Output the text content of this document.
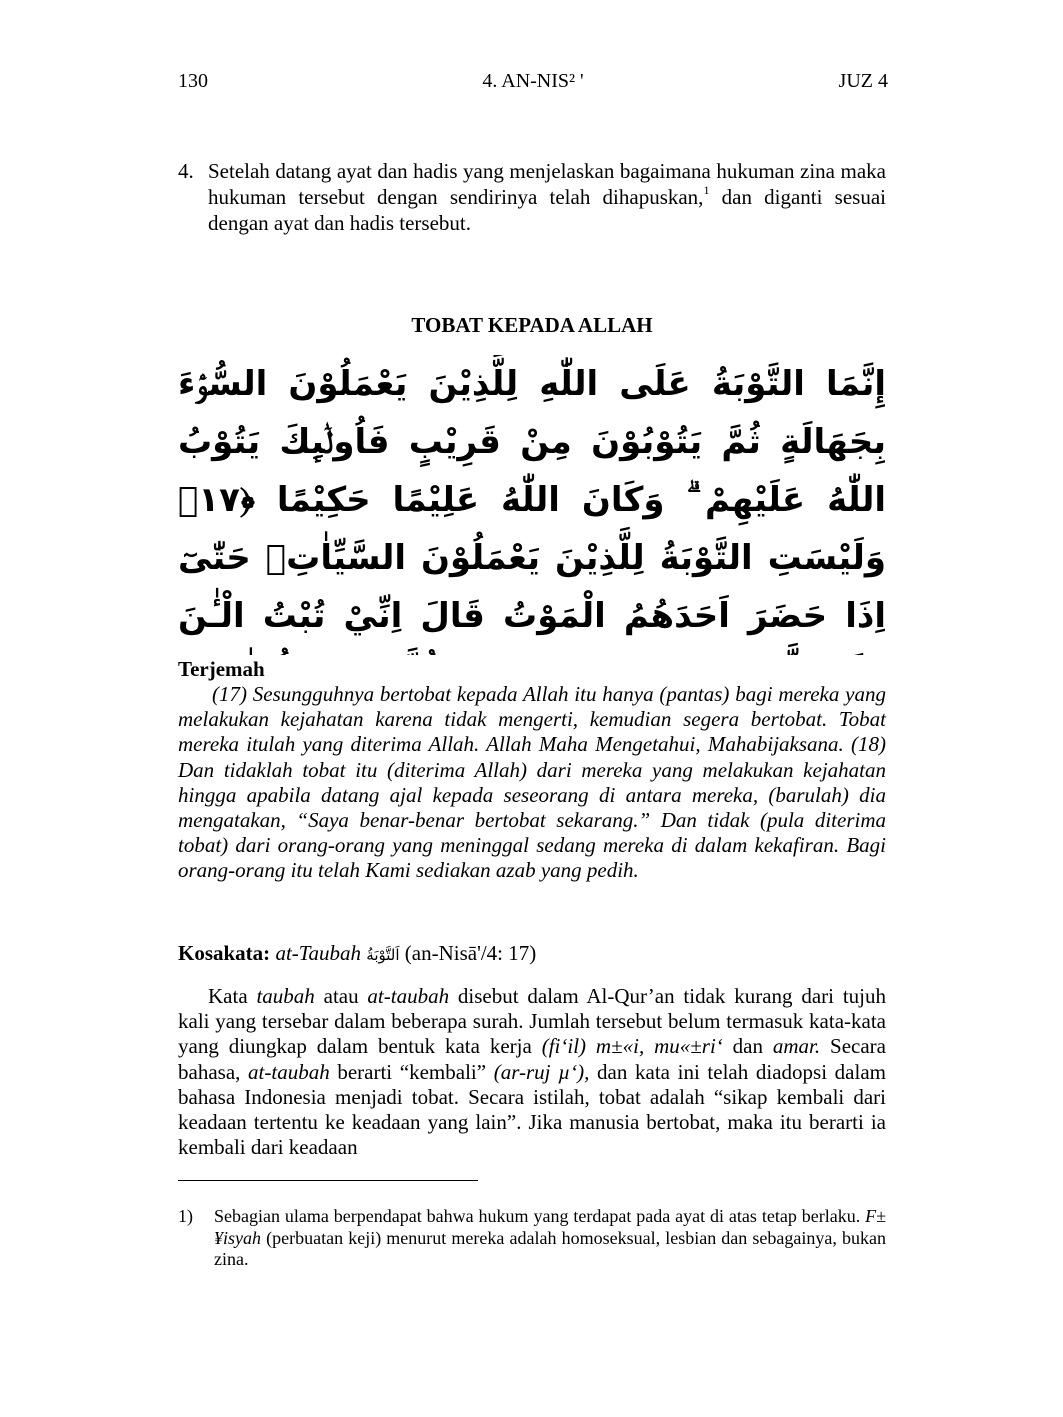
130	4. AN-NIS² '	JUZ 4
4. Setelah datang ayat dan hadis yang menjelaskan bagaimana hukuman zina maka hukuman tersebut dengan sendirinya telah dihapuskan,$^1$ dan diganti sesuai dengan ayat dan hadis tersebut.
TOBAT KEPADA ALLAH
إِنَّمَا التَّوْبَةُ عَلَى اللّٰهِ لِلَّذِيْنَ يَعْمَلُوْنَ السُّوْۤءَ بِجَهَالَةٍ ثُمَّ يَتُوْبُوْنَ مِنْ قَرِيْبٍ فَاُولٰۤىِٕكَ يَتُوْبُ اللّٰهُ عَلَيْهِمْ ۗ وَكَانَ اللّٰهُ عَلِيْمًا حَكِيْمًا ﴿١٧﴾ وَلَيْسَتِ التَّوْبَةُ لِلَّذِيْنَ يَعْمَلُوْنَ السَّيِّاٰتِۚ حَتّٰىٓ اِذَا حَضَرَ اَحَدَهُمُ الْمَوْتُ قَالَ اِنِّيْ تُبْتُ الْـٰٔنَ
Terjemah
(17) Sesungguhnya bertobat kepada Allah itu hanya (pantas) bagi mereka yang melakukan kejahatan karena tidak mengerti, kemudian segera bertobat. Tobat mereka itulah yang diterima Allah. Allah Maha Mengetahui, Mahabijaksana. (18) Dan tidaklah tobat itu (diterima Allah) dari mereka yang melakukan kejahatan hingga apabila datang ajal kepada seseorang di antara mereka, (barulah) dia mengatakan, “Saya benar-benar bertobat sekarang.” Dan tidak (pula diterima tobat) dari orang-orang yang meninggal sedang mereka di dalam kekafiran. Bagi orang-orang itu telah Kami sediakan azab yang pedih.
Kosakata: at-Taubah اَلتَّوْبَةُ (an-Nisā'/4: 17)
Kata taubah atau at-taubah disebut dalam Al-Qur’an tidak kurang dari tujuh kali yang tersebar dalam beberapa surah. Jumlah tersebut belum termasuk kata-kata yang diungkap dalam bentuk kata kerja (fi‘il) m±«i, mu«±ri‘ dan amar. Secara bahasa, at-taubah berarti “kembali” (ar-ruj µ‘), dan kata ini telah diadopsi dalam bahasa Indonesia menjadi tobat. Secara istilah, tobat adalah “sikap kembali dari keadaan tertentu ke keadaan yang lain”. Jika manusia bertobat, maka itu berarti ia kembali dari keadaan
1) Sebagian ulama berpendapat bahwa hukum yang terdapat pada ayat di atas tetap berlaku. F±¥isyah (perbuatan keji) menurut mereka adalah homoseksual, lesbian dan sebagainya, bukan zina.
